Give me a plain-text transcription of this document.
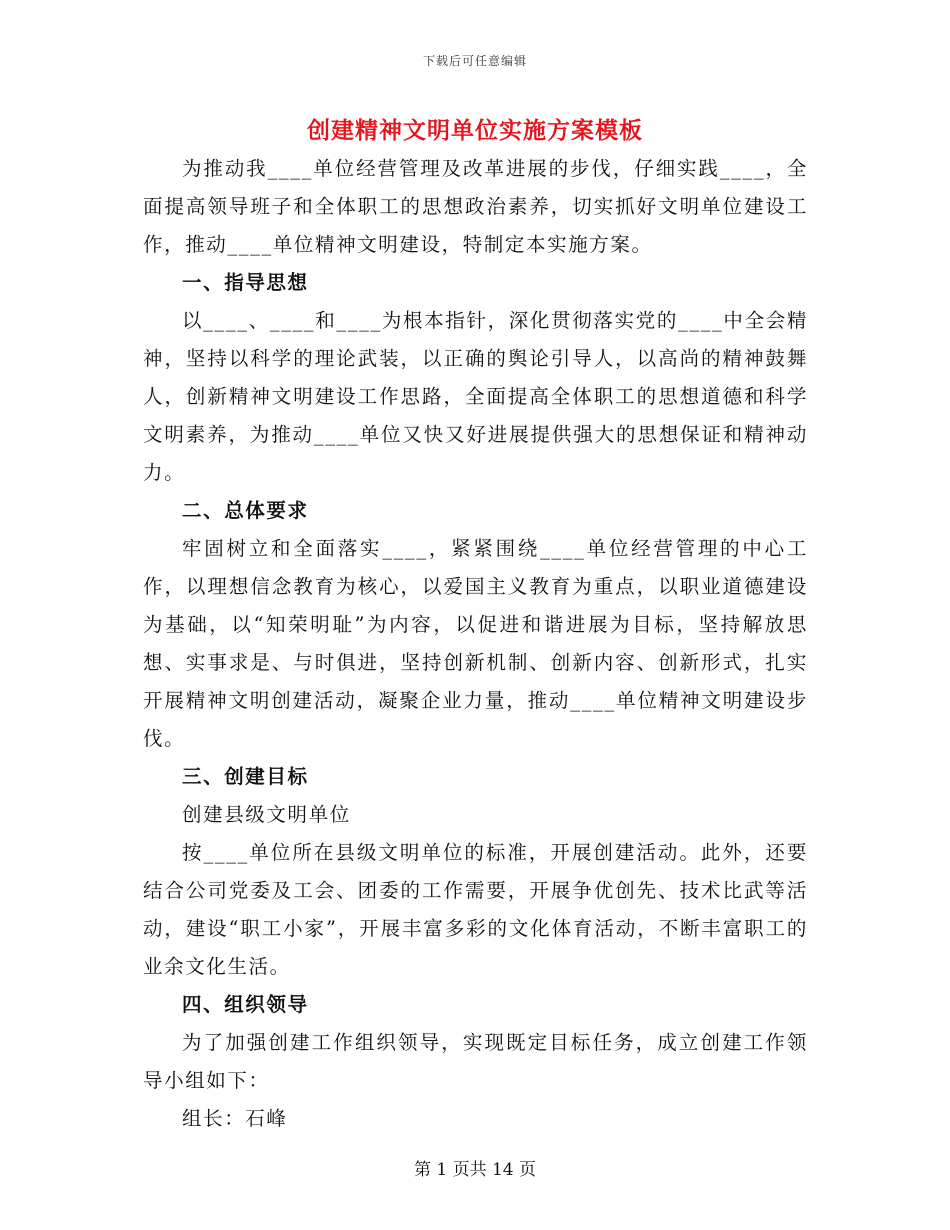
下载后可任意编辑
创建精神文明单位实施方案模板

为推动我____单位经营管理及改革进展的步伐，仔细实践____，全面提高领导班子和全体职工的思想政治素养，切实抓好文明单位建设工作，推动____单位精神文明建设，特制定本实施方案。

一、指导思想

以____、____和____为根本指针，深化贯彻落实党的____中全会精神，坚持以科学的理论武装，以正确的舆论引导人，以高尚的精神鼓舞人，创新精神文明建设工作思路，全面提高全体职工的思想道德和科学文明素养，为推动____单位又快又好进展提供强大的思想保证和精神动力。

二、总体要求

牢固树立和全面落实____，紧紧围绕____单位经营管理的中心工作，以理想信念教育为核心，以爱国主义教育为重点，以职业道德建设为基础，以“知荣明耻”为内容，以促进和谐进展为目标，坚持解放思想、实事求是、与时俱进，坚持创新机制、创新内容、创新形式，扎实开展精神文明创建活动，凝聚企业力量，推动____单位精神文明建设步伐。

三、创建目标

创建县级文明单位

按____单位所在县级文明单位的标准，开展创建活动。此外，还要结合公司党委及工会、团委的工作需要，开展争优创先、技术比武等活动，建设“职工小家”，开展丰富多彩的文化体育活动，不断丰富职工的业余文化生活。

四、组织领导

为了加强创建工作组织领导，实现既定目标任务，成立创建工作领导小组如下：

组长：石峰

第 1 页共 14 页
